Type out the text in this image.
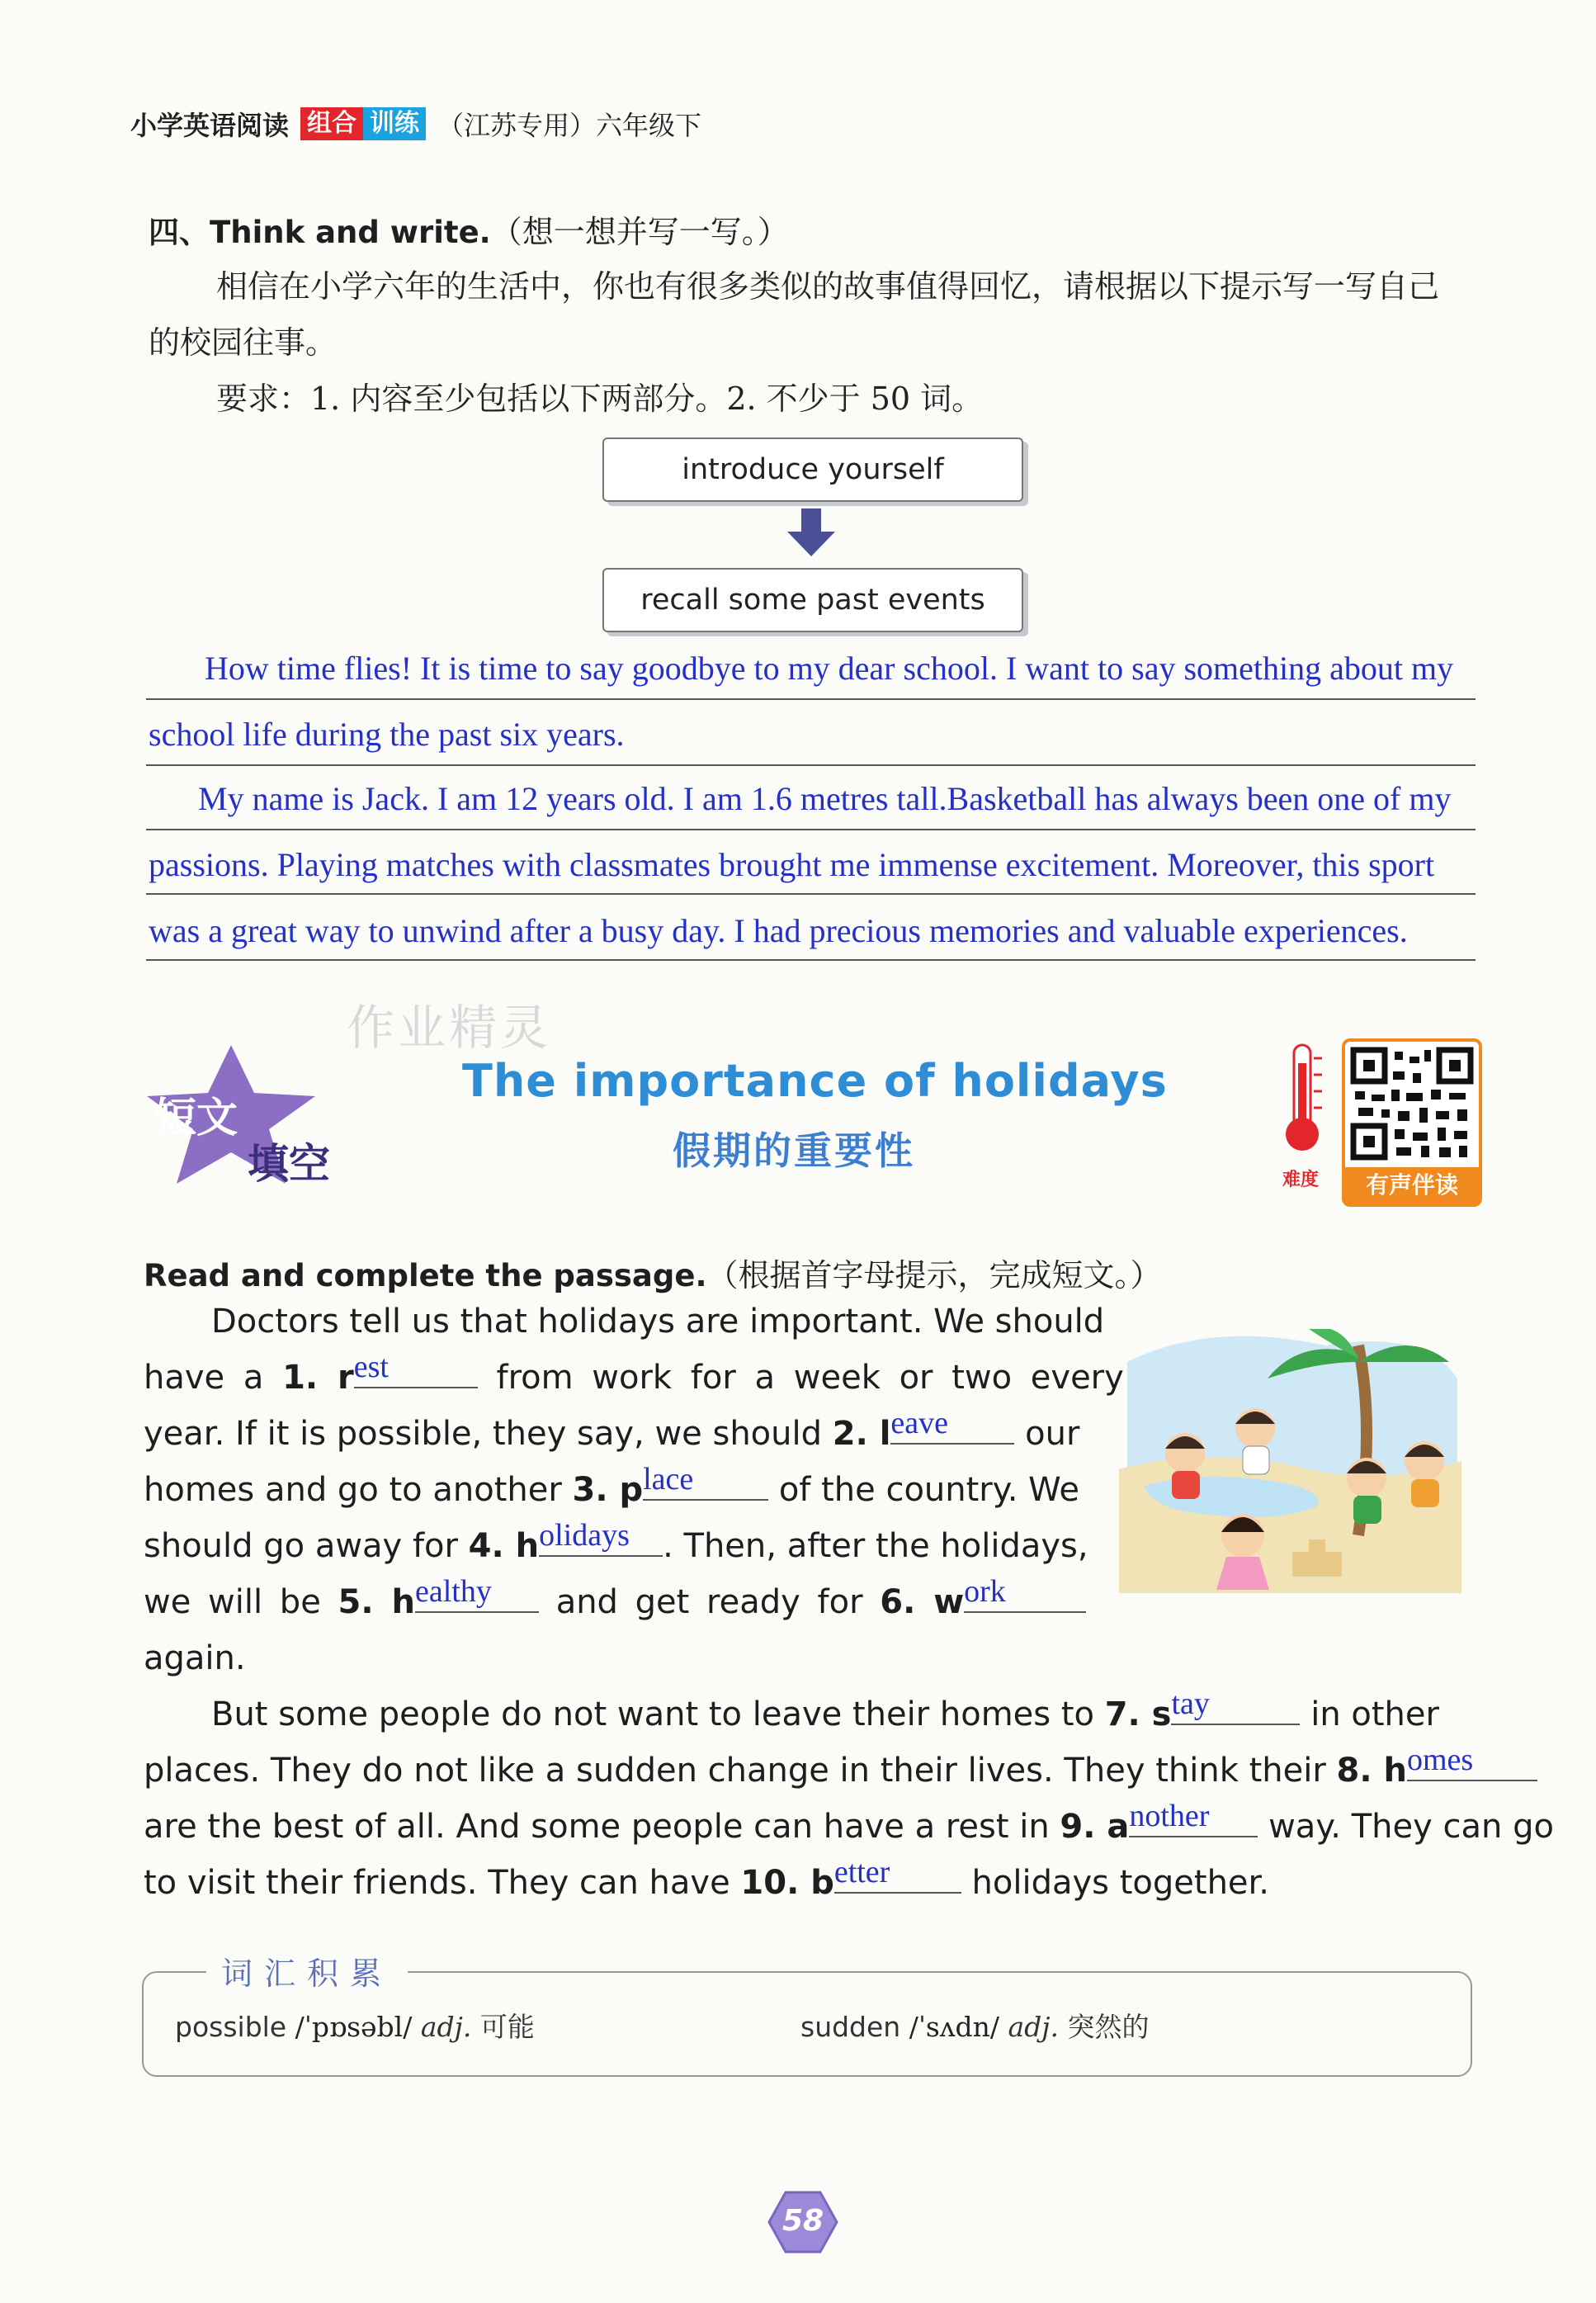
小学英语阅读 组合 训练 （江苏专用）六年级下
四、Think and write.（想一想并写一写。）
相信在小学六年的生活中，你也有很多类似的故事值得回忆，请根据以下提示写一写自己
的校园往事。
要求：1. 内容至少包括以下两部分。2. 不少于 50 词。
introduce yourself
recall some past events
How time flies! It is time to say goodbye to my dear school. I want to say something about my
school life during the past six years.
My name is Jack. I am 12 years old. I am 1.6 metres tall.Basketball has always been one of my
passions. Playing matches with classmates brought me immense excitement. Moreover, this sport
was a great way to unwind after a busy day. I had precious memories and valuable experiences.
作业精灵
短文
填空
The importance of holidays
假期的重要性
难度	有声伴读
Read and complete the passage.（根据首字母提示，完成短文。）
Doctors tell us that holidays are important. We should
have a 1. r est	from work for a week or two every
year. If it is possible, they say, we should 2. l eave our
homes and go to another 3. p lace	of the country. We
should go away for 4. h olidays . Then, after the holidays,
we will be 5. h ealthy and get ready for 6. w ork
again.
But some people do not want to leave their homes to 7. s tay	in other
places. They do not like a sudden change in their lives. They think their 8. h omes
are the best of all. And some people can have a rest in 9. a nother way. They can go
to visit their friends. They can have 10. b etter holidays together.
词汇积累
possible /ˈpɒsəbl/ adj. 可能	sudden /ˈsʌdn/ adj. 突然的
58
